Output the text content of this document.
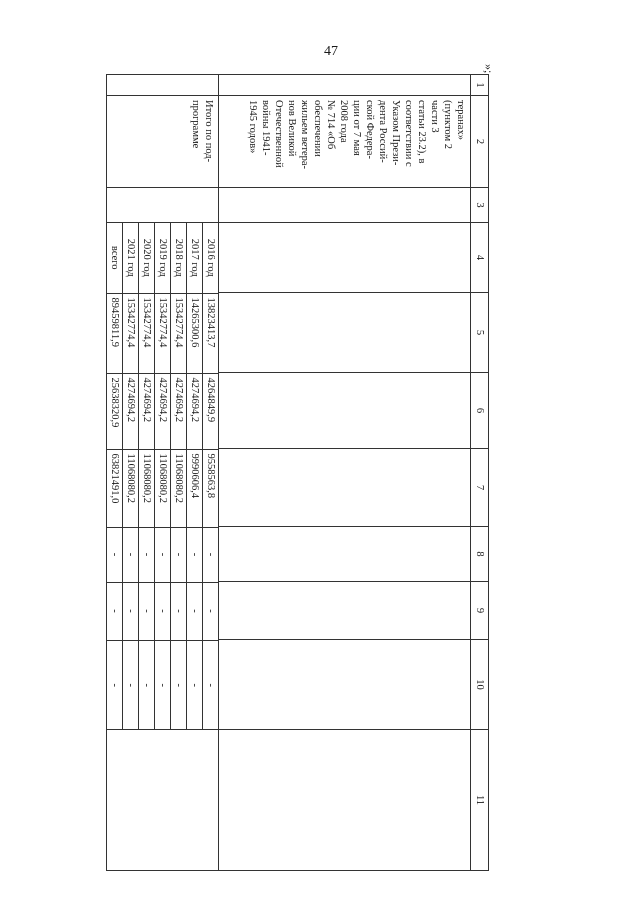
47
»;
1	2	3	4	5	6	7	8	9	10	11

теранах»
(пунктом 2
части 3
статьи 23.2), в
соответствии с
Указом Прези-
дента Россий-
ской Федера-
ции от 7 мая
2008 года
№ 714 «Об
обеспечении
жильем ветера-
нов Великой
Отечественной
войны 1941-
1945 годов»

Итого по под-
программе

2016 год	13823413,7	4264849,9	9558563,8	-	-	-
2017 год	14265300,6	4274694,2	9990606,4	-	-	-
2018 год	15342774,4	4274694,2	11068080,2	-	-	-
2019 год	15342774,4	4274694,2	11068080,2	-	-	-
2020 год	15342774,4	4274694,2	11068080,2	-	-	-
2021 год	15342774,4	4274694,2	11068080,2	-	-	-
всего	89459811,9	25638320,9	63821491,0	-	-	-
